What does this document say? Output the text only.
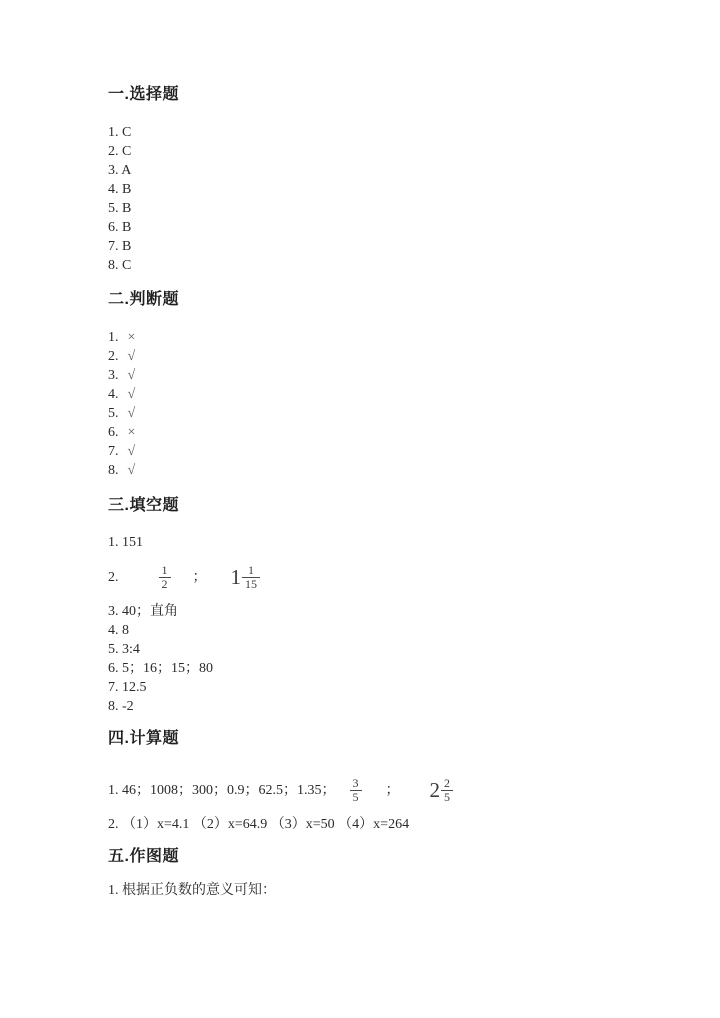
一.选择题
1. C
2. C
3. A
4. B
5. B
6. B
7. B
8. C
二.判断题
1. ×
2. √
3. √
4. √
5. √
6. ×
7. √
8. √
三.填空题
1. 151
2.	$\frac{1}{2}$ ； $1 \frac{1}{15}$
3. 40；直角
4. 8
5. 3:4
6. 5；16；15；80
7. 12.5
8. -2
四.计算题
1. 46；1008；300；0.9；62.5；1.35； $\frac{3}{5}$ ； $2 \frac{2}{5}$
2. （1）x=4.1 （2）x=64.9 （3）x=50 （4）x=264
五.作图题
1. 根据正负数的意义可知：
